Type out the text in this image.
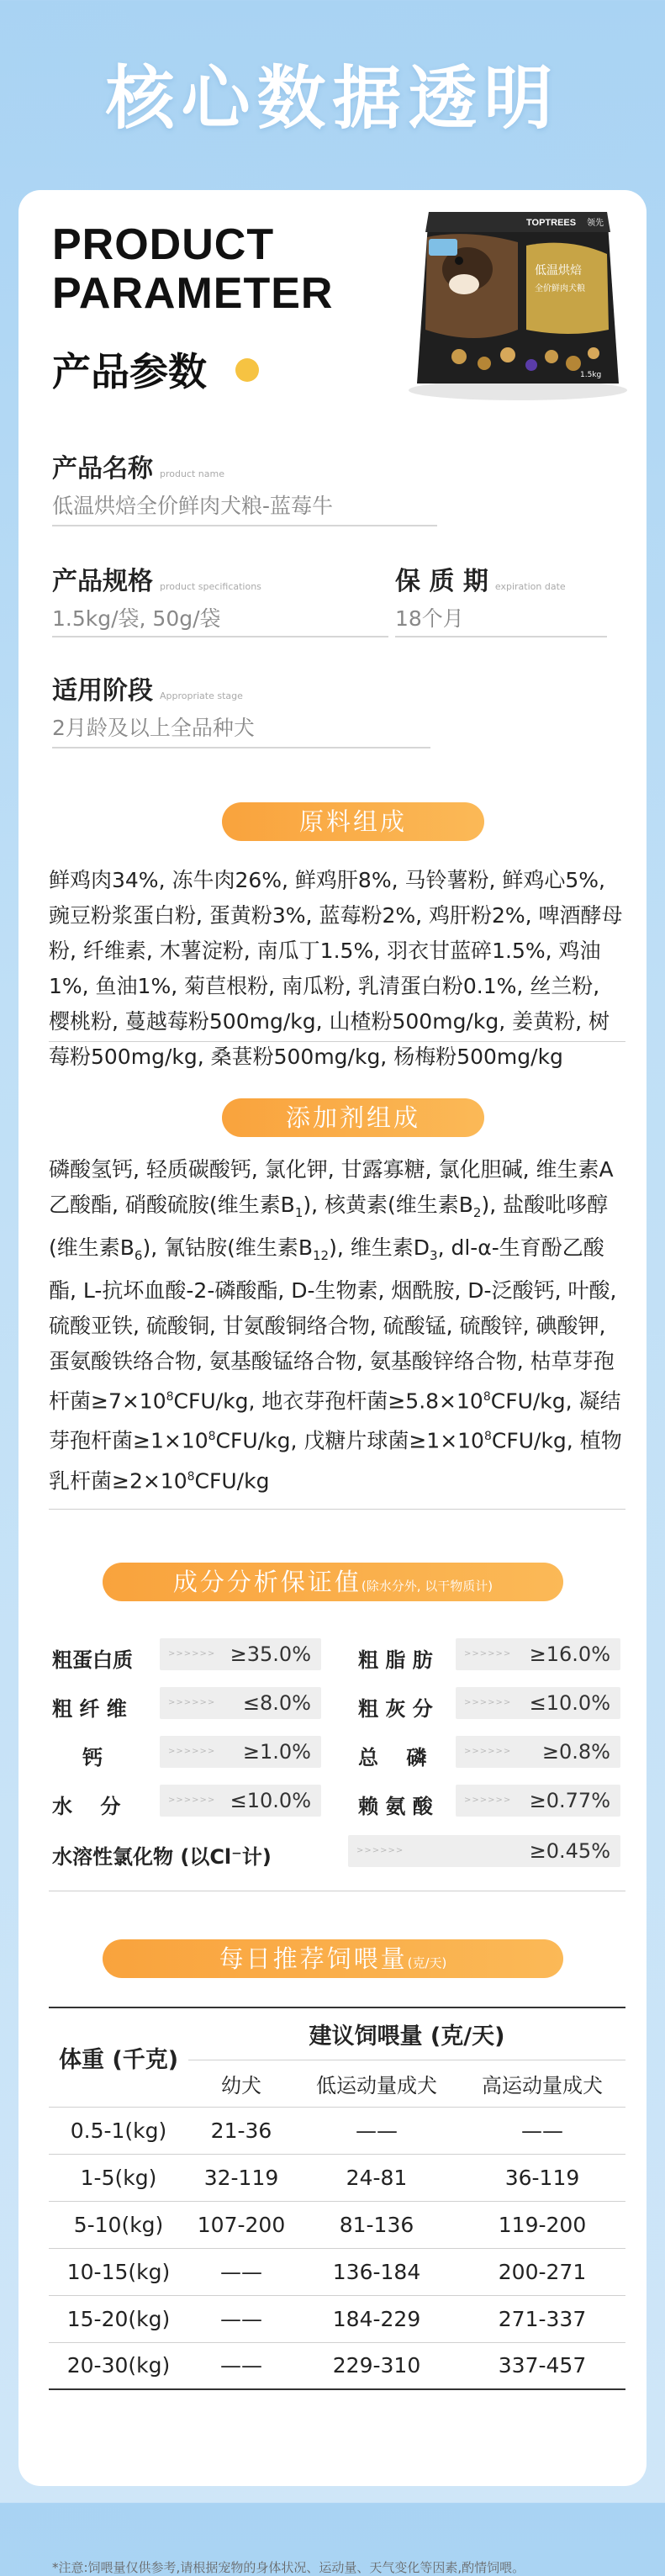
核心数据透明
PRODUCT
PARAMETER
产品参数
TOPTREES 领先
低温烘焙
全价鲜肉犬粮
1.5kg
产品名称 product name
低温烘焙全价鲜肉犬粮-蓝莓牛
产品规格 product specifications
1.5kg/袋, 50g/袋
保 质 期 expiration date
18个月
适用阶段 Appropriate stage
2月龄及以上全品种犬
原料组成
鲜鸡肉34%, 冻牛肉26%, 鲜鸡肝8%, 马铃薯粉, 鲜鸡心5%, 豌豆粉浆蛋白粉, 蛋黄粉3%, 蓝莓粉2%, 鸡肝粉2%, 啤酒酵母粉, 纤维素, 木薯淀粉, 南瓜丁1.5%, 羽衣甘蓝碎1.5%, 鸡油1%, 鱼油1%, 菊苣根粉, 南瓜粉, 乳清蛋白粉0.1%, 丝兰粉, 樱桃粉, 蔓越莓粉500mg/kg, 山楂粉500mg/kg, 姜黄粉, 树莓粉500mg/kg, 桑葚粉500mg/kg, 杨梅粉500mg/kg
添加剂组成
磷酸氢钙, 轻质碳酸钙, 氯化钾, 甘露寡糖, 氯化胆碱, 维生素A乙酸酯, 硝酸硫胺(维生素$B_1$), 核黄素(维生素$B_2$), 盐酸吡哆醇(维生素$B_6$), 氰钴胺(维生素$B_{12}$), 维生素$D_3$, dl-α-生育酚乙酸酯, L-抗坏血酸-2-磷酸酯, D-生物素, 烟酰胺, D-泛酸钙, 叶酸, 硫酸亚铁, 硫酸铜, 甘氨酸铜络合物, 硫酸锰, 硫酸锌, 碘酸钾, 蛋氨酸铁络合物, 氨基酸锰络合物, 氨基酸锌络合物, 枯草芽孢杆菌$\ge 7\times 10^8CFU/kg$, 地衣芽孢杆菌$\ge 5.8\times 10^8CFU/kg$, 凝结芽孢杆菌$\ge 1\times 10^8CFU/kg$, 戊糖片球菌$\ge 1\times 10^8CFU/kg$, 植物乳杆菌$\ge 2\times 10^8CFU/kg$
成分分析保证值(除水分外, 以干物质计)
粗蛋白质	>>>>>> ≥35.0%	粗 脂 肪	>>>>>> ≥16.0%
粗 纤 维	>>>>>> ≤8.0%	粗 灰 分	>>>>>> ≤10.0%
钙	>>>>>> ≥1.0%	总    磷	>>>>>> ≥0.8%
水    分	>>>>>> ≤10.0%	赖 氨 酸	>>>>>> ≥0.77%
水溶性氯化物 (以Cl⁻计)	>>>>>>	≥0.45%
每日推荐饲喂量(克/天)
体重 (千克)	建议饲喂量 (克/天)		
	幼犬	低运动量成犬	高运动量成犬
0.5-1(kg)	21-36	——	——
1-5(kg)	32-119	24-81	36-119
5-10(kg)	107-200	81-136	119-200
10-15(kg)	——	136-184	200-271
15-20(kg)	——	184-229	271-337
20-30(kg)	——	229-310	337-457
*注意:饲喂量仅供参考,请根据宠物的身体状况、运动量、天气变化等因素,酌情饲喂。
